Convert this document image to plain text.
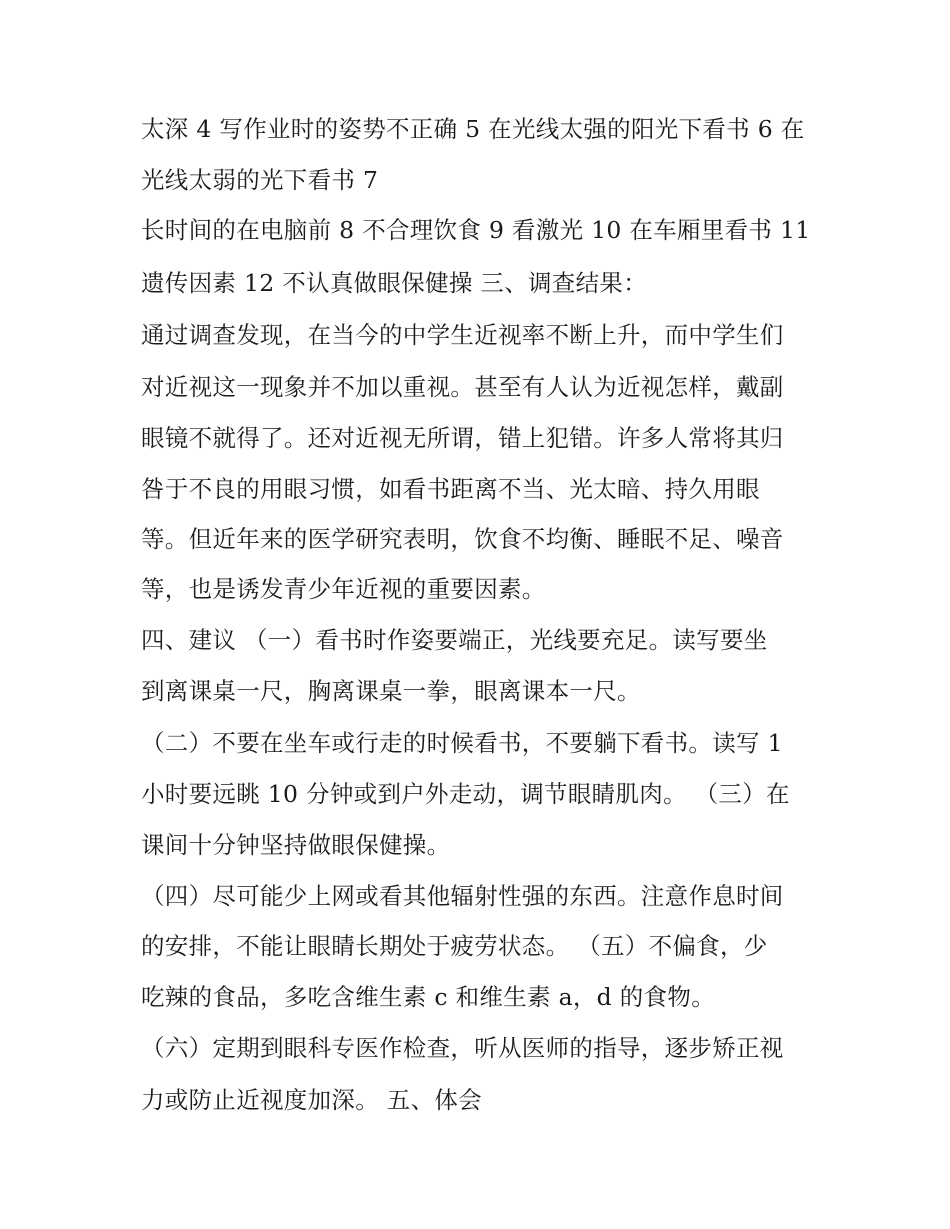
太深 4 写作业时的姿势不正确 5 在光线太强的阳光下看书 6 在
光线太弱的光下看书 7
长时间的在电脑前 8 不合理饮食 9 看激光 10 在车厢里看书 11
遗传因素 12 不认真做眼保健操 三、调查结果：
通过调查发现，在当今的中学生近视率不断上升，而中学生们
对近视这一现象并不加以重视。甚至有人认为近视怎样，戴副
眼镜不就得了。还对近视无所谓，错上犯错。许多人常将其归
咎于不良的用眼习惯，如看书距离不当、光太暗、持久用眼
等。但近年来的医学研究表明，饮食不均衡、睡眠不足、噪音
等，也是诱发青少年近视的重要因素。
四、建议 （一）看书时作姿要端正，光线要充足。读写要坐
到离课桌一尺，胸离课桌一拳，眼离课本一尺。
（二）不要在坐车或行走的时候看书，不要躺下看书。读写 1
小时要远眺 10 分钟或到户外走动，调节眼睛肌肉。 （三）在
课间十分钟坚持做眼保健操。
（四）尽可能少上网或看其他辐射性强的东西。注意作息时间
的安排，不能让眼睛长期处于疲劳状态。 （五）不偏食，少
吃辣的食品，多吃含维生素 c 和维生素 a，d 的食物。
（六）定期到眼科专医作检查，听从医师的指导，逐步矫正视
力或防止近视度加深。 五、体会
